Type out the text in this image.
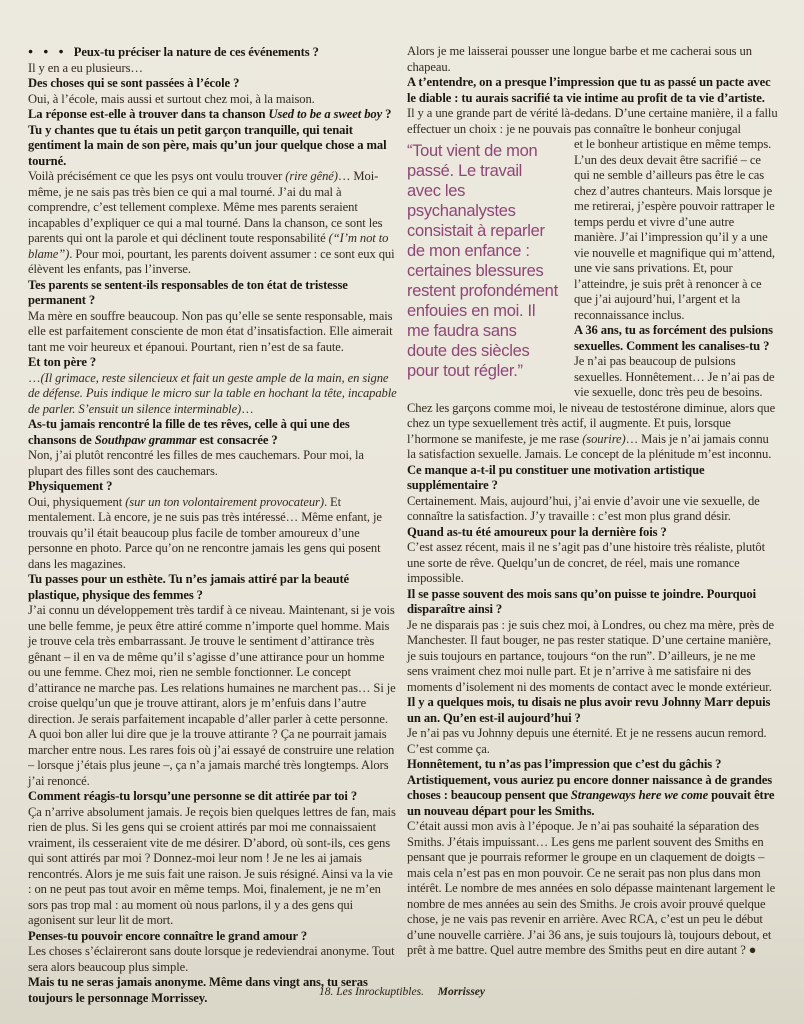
● ● ● Peux-tu préciser la nature de ces événements ?

Il y en a eu plusieurs…

Des choses qui se sont passées à l’école ?

Oui, à l’école, mais aussi et surtout chez moi, à la maison.

La réponse est-elle à trouver dans ta chanson Used to be a sweet boy ? Tu y chantes que tu étais un petit garçon tranquille, qui tenait gentiment la main de son père, mais qu’un jour quelque chose a mal tourné.

Voilà précisément ce que les psys ont voulu trouver (rire gêné)… Moi-même, je ne sais pas très bien ce qui a mal tourné. J’ai du mal à comprendre, c’est tellement complexe. Même mes parents seraient incapables d’expliquer ce qui a mal tourné. Dans la chanson, ce sont les parents qui ont la parole et qui déclinent toute responsabilité (“I’m not to blame”). Pour moi, pourtant, les parents doivent assumer : ce sont eux qui élèvent les enfants, pas l’inverse.

Tes parents se sentent-ils responsables de ton état de tristesse permanent ?

Ma mère en souffre beaucoup. Non pas qu’elle se sente responsable, mais elle est parfaitement consciente de mon état d’insatisfaction. Elle aimerait tant me voir heureux et épanoui. Pourtant, rien n’est de sa faute.

Et ton père ?

…(Il grimace, reste silencieux et fait un geste ample de la main, en signe de défense. Puis indique le micro sur la table en hochant la tête, incapable de parler. S’ensuit un silence interminable)…

As-tu jamais rencontré la fille de tes rêves, celle à qui une des chansons de Southpaw grammar est consacrée ?

Non, j’ai plutôt rencontré les filles de mes cauchemars. Pour moi, la plupart des filles sont des cauchemars.

Physiquement ?

Oui, physiquement (sur un ton volontairement provocateur). Et mentalement. Là encore, je ne suis pas très intéressé… Même enfant, je trouvais qu’il était beaucoup plus facile de tomber amoureux d’une personne en photo. Parce qu’on ne rencontre jamais les gens qui posent dans les magazines.

Tu passes pour un esthète. Tu n’es jamais attiré par la beauté plastique, physique des femmes ?

J’ai connu un développement très tardif à ce niveau. Maintenant, si je vois une belle femme, je peux être attiré comme n’importe quel homme. Mais je trouve cela très embarrassant. Je trouve le sentiment d’attirance très gênant – il en va de même qu’il s’agisse d’une attirance pour un homme ou une femme. Chez moi, rien ne semble fonctionner. Le concept d’attirance ne marche pas. Les relations humaines ne marchent pas… Si je croise quelqu’un que je trouve attirant, alors je m’enfuis dans l’autre direction. Je serais parfaitement incapable d’aller parler à cette personne. A quoi bon aller lui dire que je la trouve attirante ? Ça ne pourrait jamais marcher entre nous. Les rares fois où j’ai essayé de construire une relation – lorsque j’étais plus jeune –, ça n’a jamais marché très longtemps. Alors j’ai renoncé.

Comment réagis-tu lorsqu’une personne se dit attirée par toi ?

Ça n’arrive absolument jamais. Je reçois bien quelques lettres de fan, mais rien de plus. Si les gens qui se croient attirés par moi me connaissaient vraiment, ils cesseraient vite de me désirer. D’abord, où sont-ils, ces gens qui sont attirés par moi ? Donnez-moi leur nom ! Je ne les ai jamais rencontrés. Alors je me suis fait une raison. Je suis résigné. Ainsi va la vie : on ne peut pas tout avoir en même temps. Moi, finalement, je ne m’en sors pas trop mal : au moment où nous parlons, il y a des gens qui agonisent sur leur lit de mort.

Penses-tu pouvoir encore connaître le grand amour ?

Les choses s’éclaireront sans doute lorsque je redeviendrai anonyme. Tout sera alors beaucoup plus simple.

Mais tu ne seras jamais anonyme. Même dans vingt ans, tu seras toujours le personnage Morrissey.

Alors je me laisserai pousser une longue barbe et me cacherai sous un chapeau.

A t’entendre, on a presque l’impression que tu as passé un pacte avec le diable : tu aurais sacrifié ta vie intime au profit de ta vie d’artiste.

Il y a une grande part de vérité là-dedans. D’une certaine manière, il a fallu effectuer un choix : je ne pouvais pas connaître le bonheur conjugal

“Tout vient de mon passé. Le travail avec les psychanalystes consistait à reparler de mon enfance : certaines blessures restent profondément enfouies en moi. Il me faudra sans doute des siècles pour tout régler.”

et le bonheur artistique en même temps. L’un des deux devait être sacrifié – ce qui ne semble d’ailleurs pas être le cas chez d’autres chanteurs. Mais lorsque je me retirerai, j’espère pouvoir rattraper le temps perdu et vivre d’une autre manière. J’ai l’impression qu’il y a une vie nouvelle et magnifique qui m’attend, une vie sans privations. Et, pour l’atteindre, je suis prêt à renoncer à ce que j’ai aujourd’hui, l’argent et la reconnaissance inclus.

A 36 ans, tu as forcément des pulsions sexuelles. Comment les canalises-tu ?

Je n’ai pas beaucoup de pulsions sexuelles. Honnêtement… Je n’ai pas de vie sexuelle, donc très peu de besoins. Chez les garçons comme moi, le niveau de testostérone diminue, alors que chez un type sexuellement très actif, il augmente. Et puis, lorsque l’hormone se manifeste, je me rase (sourire)… Mais je n’ai jamais connu la satisfaction sexuelle. Jamais. Le concept de la plénitude m’est inconnu.

Ce manque a-t-il pu constituer une motivation artistique supplémentaire ?

Certainement. Mais, aujourd’hui, j’ai envie d’avoir une vie sexuelle, de connaître la satisfaction. J’y travaille : c’est mon plus grand désir.

Quand as-tu été amoureux pour la dernière fois ?

C’est assez récent, mais il ne s’agit pas d’une histoire très réaliste, plutôt une sorte de rêve. Quelqu’un de concret, de réel, mais une romance impossible.

Il se passe souvent des mois sans qu’on puisse te joindre. Pourquoi disparaître ainsi ?

Je ne disparais pas : je suis chez moi, à Londres, ou chez ma mère, près de Manchester. Il faut bouger, ne pas rester statique. D’une certaine manière, je suis toujours en partance, toujours “on the run”. D’ailleurs, je ne me sens vraiment chez moi nulle part. Et je n’arrive à me satisfaire ni des moments d’isolement ni des moments de contact avec le monde extérieur.

Il y a quelques mois, tu disais ne plus avoir revu Johnny Marr depuis un an. Qu’en est-il aujourd’hui ?

Je n’ai pas vu Johnny depuis une éternité. Et je ne ressens aucun remord. C’est comme ça.

Honnêtement, tu n’as pas l’impression que c’est du gâchis ? Artistiquement, vous auriez pu encore donner naissance à de grandes choses : beaucoup pensent que Strangeways here we come pouvait être un nouveau départ pour les Smiths.

C’était aussi mon avis à l’époque. Je n’ai pas souhaité la séparation des Smiths. J’étais impuissant… Les gens me parlent souvent des Smiths en pensant que je pourrais reformer le groupe en un claquement de doigts – mais cela n’est pas en mon pouvoir. Ce ne serait pas non plus dans mon intérêt. Le nombre de mes années en solo dépasse maintenant largement le nombre de mes années au sein des Smiths. Je crois avoir prouvé quelque chose, je ne vais pas revenir en arrière. Avec RCA, c’est un peu le début d’une nouvelle carrière. J’ai 36 ans, je suis toujours là, toujours debout, et prêt à me battre. Quel autre membre des Smiths peut en dire autant ? ●

18. Les Inrockuptibles. Morrissey
